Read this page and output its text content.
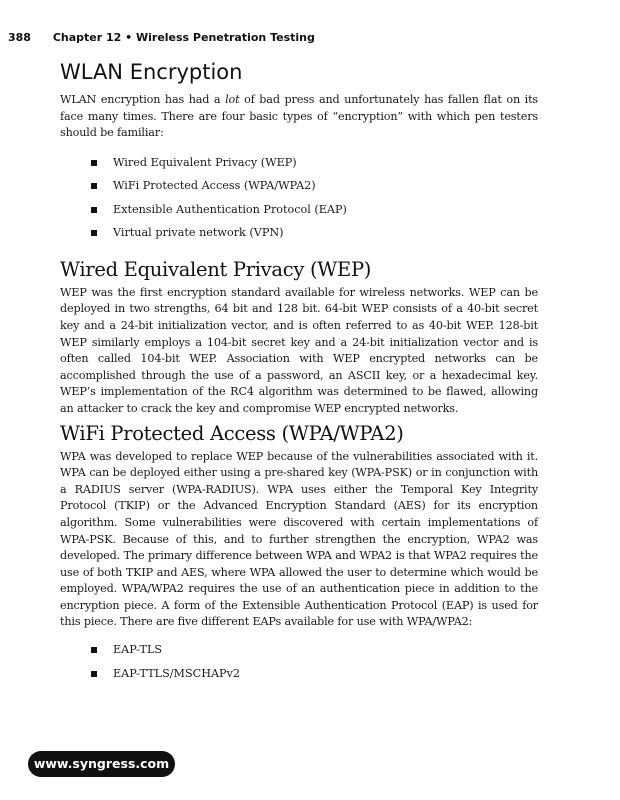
388 Chapter 12 • Wireless Penetration Testing
WLAN Encryption

WLAN encryption has had a lot of bad press and unfortunately has fallen flat on its face many times. There are four basic types of “encryption” with which pen testers should be familiar:

Wired Equivalent Privacy (WEP)
WiFi Protected Access (WPA/WPA2)
Extensible Authentication Protocol (EAP)
Virtual private network (VPN)
Wired Equivalent Privacy (WEP)

WEP was the first encryption standard available for wireless networks. WEP can be deployed in two strengths, 64 bit and 128 bit. 64-bit WEP consists of a 40-bit secret key and a 24-bit initialization vector, and is often referred to as 40-bit WEP. 128-bit WEP similarly employs a 104-bit secret key and a 24-bit initialization vector and is often called 104-bit WEP. Association with WEP encrypted networks can be accomplished through the use of a password, an ASCII key, or a hexadecimal key. WEP’s implementation of the RC4 algorithm was determined to be flawed, allowing an attacker to crack the key and compromise WEP encrypted networks.

WiFi Protected Access (WPA/WPA2)

WPA was developed to replace WEP because of the vulnerabilities associated with it. WPA can be deployed either using a pre-shared key (WPA-PSK) or in conjunction with a RADIUS server (WPA-RADIUS). WPA uses either the Temporal Key Integrity Protocol (TKIP) or the Advanced Encryption Standard (AES) for its encryption algorithm. Some vulnerabilities were discovered with certain implementations of WPA-PSK. Because of this, and to further strengthen the encryption, WPA2 was developed. The primary difference between WPA and WPA2 is that WPA2 requires the use of both TKIP and AES, where WPA allowed the user to determine which would be employed. WPA/WPA2 requires the use of an authentication piece in addition to the encryption piece. A form of the Extensible Authentication Protocol (EAP) is used for this piece. There are five different EAPs available for use with WPA/WPA2:

EAP-TLS
EAP-TTLS/MSCHAPv2
www.syngress.com
